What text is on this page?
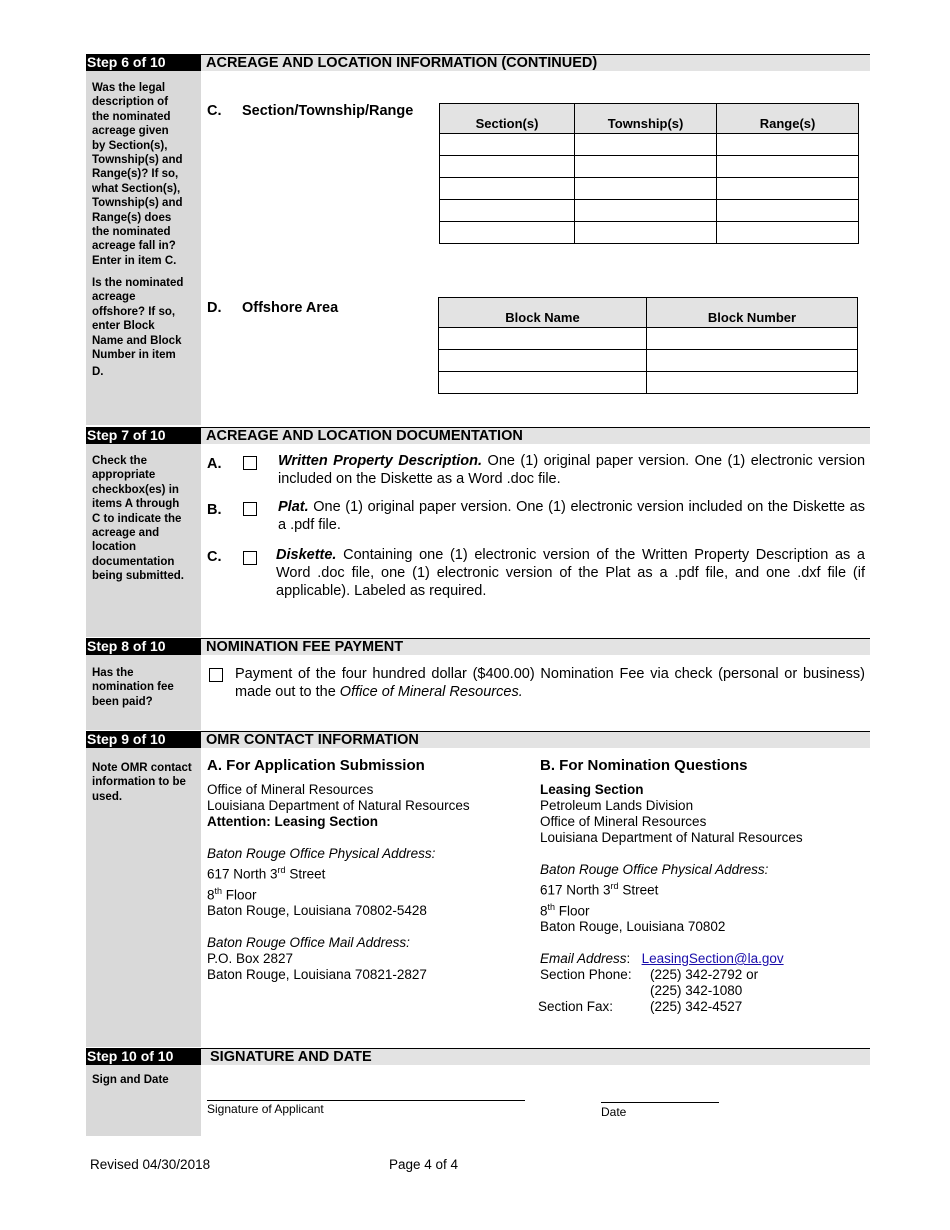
Step 6 of 10	ACREAGE AND LOCATION INFORMATION (CONTINUED)
Was the legal
description of
the nominated
acreage given
by Section(s),
Township(s) and
Range(s)? If so,
what Section(s),
Township(s) and
Range(s) does
the nominated
acreage fall in?
Enter in item C.
Is the nominated
acreage
offshore? If so,
enter Block
Name and Block
Number in item
D.
C. Section/Township/Range
Section(s)	Township(s)	Range(s)

D. Offshore Area
Block Name	Block Number

Step 7 of 10	ACREAGE AND LOCATION DOCUMENTATION
Check the
appropriate
checkbox(es) in
items A through
C to indicate the
acreage and
location
documentation
being submitted.
A.	Written Property Description. One (1) original paper version. One (1) electronic version included on the Diskette as a Word .doc file.
B.	Plat. One (1) original paper version. One (1) electronic version included on the Diskette as a .pdf file.
C.	Diskette. Containing one (1) electronic version of the Written Property Description as a Word .doc file, one (1) electronic version of the Plat as a .pdf file, and one .dxf file (if applicable). Labeled as required.
Step 8 of 10	NOMINATION FEE PAYMENT
Has the
nomination fee
been paid?
Payment of the four hundred dollar ($400.00) Nomination Fee via check (personal or business) made out to the Office of Mineral Resources.
Step 9 of 10	OMR CONTACT INFORMATION
Note OMR contact
information to be
used.
A. For Application Submission
Office of Mineral Resources
Louisiana Department of Natural Resources
Attention: Leasing Section
Baton Rouge Office Physical Address:
617 North 3rd Street
8th Floor
Baton Rouge, Louisiana 70802-5428
Baton Rouge Office Mail Address:
P.O. Box 2827
Baton Rouge, Louisiana 70821-2827
B. For Nomination Questions
Leasing Section
Petroleum Lands Division
Office of Mineral Resources
Louisiana Department of Natural Resources
Baton Rouge Office Physical Address:
617 North 3rd Street
8th Floor
Baton Rouge, Louisiana 70802
Email Address: LeasingSection@la.gov
Section Phone: (225) 342-2792 or
(225) 342-1080
Section Fax:	(225) 342-4527
Step 10 of 10	SIGNATURE AND DATE
Sign and Date
Signature of Applicant	Date
Revised 04/30/2018	Page 4 of 4
